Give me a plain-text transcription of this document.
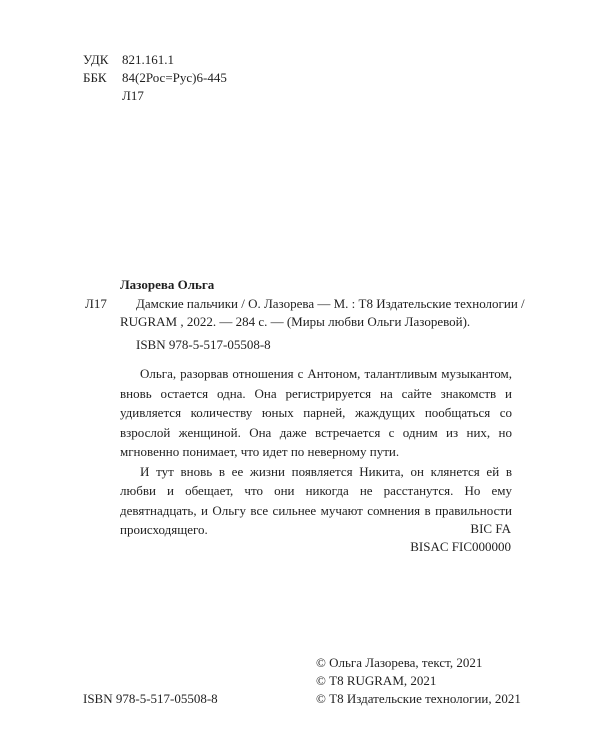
УДК 821.161.1
ББК 84(2Рос=Рус)6-445
Л17
Лазорева Ольга
Л17 Дамские пальчики / О. Лазорева — М. : Т8 Издательские технологии /
RUGRAM , 2022. — 284 с. — (Миры любви Ольги Лазоревой).
ISBN 978-5-517-05508-8

Ольга, разорвав отношения с Антоном, талантливым музыкантом, вновь остается одна. Она регистрируется на сайте знакомств и удивляется количеству юных парней, жаждущих пообщаться со взрослой женщиной. Она даже встречается с одним из них, но мгновенно понимает, что идет по неверному пути.

И тут вновь в ее жизни появляется Никита, он клянется ей в любви и обещает, что они никогда не расстанутся. Но ему девятнадцать, и Ольгу все сильнее мучают сомнения в правильности происходящего.	BIC FA
BISAC FIC000000
© Ольга Лазорева, текст, 2021
© Т8 RUGRAM, 2021
ISBN 978-5-517-05508-8	© Т8 Издательские технологии, 2021
